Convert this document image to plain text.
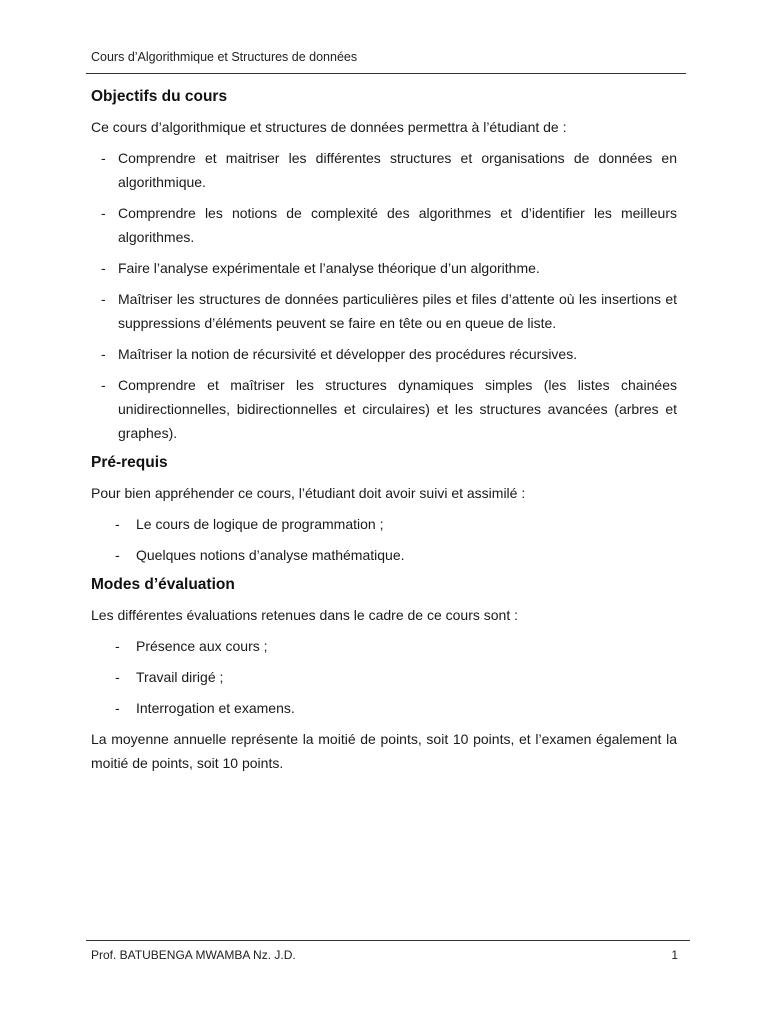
Cours d’Algorithmique et Structures de données
Objectifs du cours

Ce cours d’algorithmique et structures de données permettra à l’étudiant de :

- Comprendre et maitriser les différentes structures et organisations de données en algorithmique.
- Comprendre les notions de complexité des algorithmes et d’identifier les meilleurs algorithmes.
- Faire l’analyse expérimentale et l’analyse théorique d’un algorithme.
- Maîtriser les structures de données particulières piles et files d’attente où les insertions et suppressions d’éléments peuvent se faire en tête ou en queue de liste.
- Maîtriser la notion de récursivité et développer des procédures récursives.
- Comprendre et maîtriser les structures dynamiques simples (les listes chainées unidirectionnelles, bidirectionnelles et circulaires) et les structures avancées (arbres et graphes).
Pré-requis

Pour bien appréhender ce cours, l’étudiant doit avoir suivi et assimilé :

- Le cours de logique de programmation ;
- Quelques notions d’analyse mathématique.
Modes d’évaluation

Les différentes évaluations retenues dans le cadre de ce cours sont :

- Présence aux cours ;
- Travail dirigé ;
- Interrogation et examens.

La moyenne annuelle représente la moitié de points, soit 10 points, et l’examen également la moitié de points, soit 10 points.

Prof. BATUBENGA MWAMBA Nz. J.D.	1
